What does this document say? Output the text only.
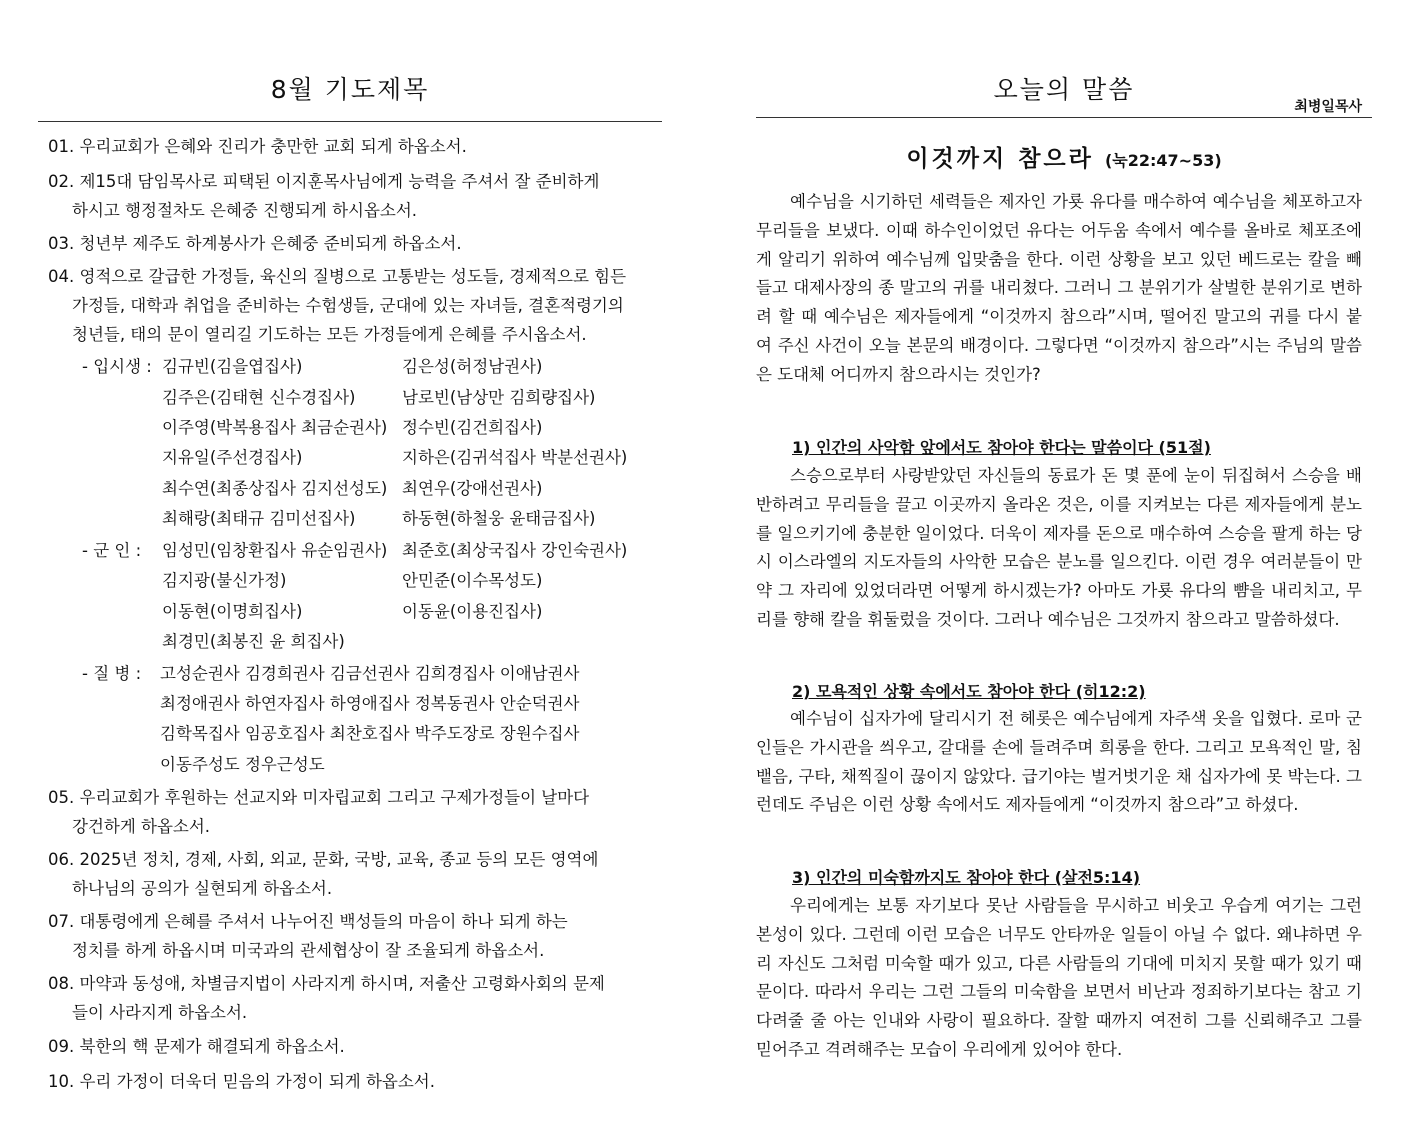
8월 기도제목
01. 우리교회가 은혜와 진리가 충만한 교회 되게 하옵소서.
02. 제15대 담임목사로 피택된 이지훈목사님에게 능력을 주셔서 잘 준비하게
하시고 행정절차도 은혜중 진행되게 하시옵소서.
03. 청년부 제주도 하계봉사가 은혜중 준비되게 하옵소서.
04. 영적으로 갈급한 가정들, 육신의 질병으로 고통받는 성도들, 경제적으로 힘든
가정들, 대학과 취업을 준비하는 수험생들, 군대에 있는 자녀들, 결혼적령기의
청년들, 태의 문이 열리길 기도하는 모든 가정들에게 은혜를 주시옵소서.
- 입시생 : 김규빈(김을엽집사)	김은성(허정남권사)
김주은(김태현 신수경집사)	남로빈(남상만 김희량집사)
이주영(박복용집사 최금순권사) 정수빈(김건희집사)
지유일(주선경집사)	지하은(김귀석집사 박분선권사)
최수연(최종상집사 김지선성도) 최연우(강애선권사)
최해랑(최태규 김미선집사)	하동현(하철웅 윤태금집사)
- 군 인 : 임성민(임창환집사 유순임권사) 최준호(최상국집사 강인숙권사)
김지광(불신가정)	안민준(이수목성도)
이동현(이명희집사)	이동윤(이용진집사)
최경민(최봉진 윤 희집사)
- 질 병 : 고성순권사 김경희권사 김금선권사 김희경집사 이애남권사
최정애권사 하연자집사 하영애집사 정복동권사 안순덕권사
김학목집사 임공호집사 최찬호집사 박주도장로 장원수집사
이동주성도 정우근성도
05. 우리교회가 후원하는 선교지와 미자립교회 그리고 구제가정들이 날마다
강건하게 하옵소서.
06. 2025년 정치, 경제, 사회, 외교, 문화, 국방, 교육, 종교 등의 모든 영역에
하나님의 공의가 실현되게 하옵소서.
07. 대통령에게 은혜를 주셔서 나누어진 백성들의 마음이 하나 되게 하는
정치를 하게 하옵시며 미국과의 관세협상이 잘 조율되게 하옵소서.
08. 마약과 동성애, 차별금지법이 사라지게 하시며, 저출산 고령화사회의 문제
들이 사라지게 하옵소서.
09. 북한의 핵 문제가 해결되게 하옵소서.
10. 우리 가정이 더욱더 믿음의 가정이 되게 하옵소서.
오늘의 말씀
최병일목사
이것까지 참으라 (눅22:47~53)
예수님을 시기하던 세력들은 제자인 가룟 유다를 매수하여 예수님을 체포하고자 무리들을 보냈다. 이때 하수인이었던 유다는 어두움 속에서 예수를 올바로 체포조에게 알리기 위하여 예수님께 입맞춤을 한다. 이런 상황을 보고 있던 베드로는 칼을 빼들고 대제사장의 종 말고의 귀를 내리쳤다. 그러니 그 분위기가 살벌한 분위기로 변하려 할 때 예수님은 제자들에게 “이것까지 참으라”시며, 떨어진 말고의 귀를 다시 붙여 주신 사건이 오늘 본문의 배경이다. 그렇다면 “이것까지 참으라”시는 주님의 말씀은 도대체 어디까지 참으라시는 것인가?
1) 인간의 사악함 앞에서도 참아야 한다는 말씀이다 (51절)
스승으로부터 사랑받았던 자신들의 동료가 돈 몇 푼에 눈이 뒤집혀서 스승을 배반하려고 무리들을 끌고 이곳까지 올라온 것은, 이를 지켜보는 다른 제자들에게 분노를 일으키기에 충분한 일이었다. 더욱이 제자를 돈으로 매수하여 스승을 팔게 하는 당시 이스라엘의 지도자들의 사악한 모습은 분노를 일으킨다. 이런 경우 여러분들이 만약 그 자리에 있었더라면 어떻게 하시겠는가? 아마도 가룟 유다의 뺨을 내리치고, 무리를 향해 칼을 휘둘렀을 것이다. 그러나 예수님은 그것까지 참으라고 말씀하셨다.
2) 모욕적인 상황 속에서도 참아야 한다 (히12:2)
예수님이 십자가에 달리시기 전 헤롯은 예수님에게 자주색 옷을 입혔다. 로마 군인들은 가시관을 씌우고, 갈대를 손에 들려주며 희롱을 한다. 그리고 모욕적인 말, 침 뱉음, 구타, 채찍질이 끊이지 않았다. 급기야는 벌거벗기운 채 십자가에 못 박는다. 그런데도 주님은 이런 상황 속에서도 제자들에게 “이것까지 참으라”고 하셨다.
3) 인간의 미숙함까지도 참아야 한다 (살전5:14)
우리에게는 보통 자기보다 못난 사람들을 무시하고 비웃고 우습게 여기는 그런 본성이 있다. 그런데 이런 모습은 너무도 안타까운 일들이 아닐 수 없다. 왜냐하면 우리 자신도 그처럼 미숙할 때가 있고, 다른 사람들의 기대에 미치지 못할 때가 있기 때문이다. 따라서 우리는 그런 그들의 미숙함을 보면서 비난과 정죄하기보다는 참고 기다려줄 줄 아는 인내와 사랑이 필요하다. 잘할 때까지 여전히 그를 신뢰해주고 그를 믿어주고 격려해주는 모습이 우리에게 있어야 한다.
